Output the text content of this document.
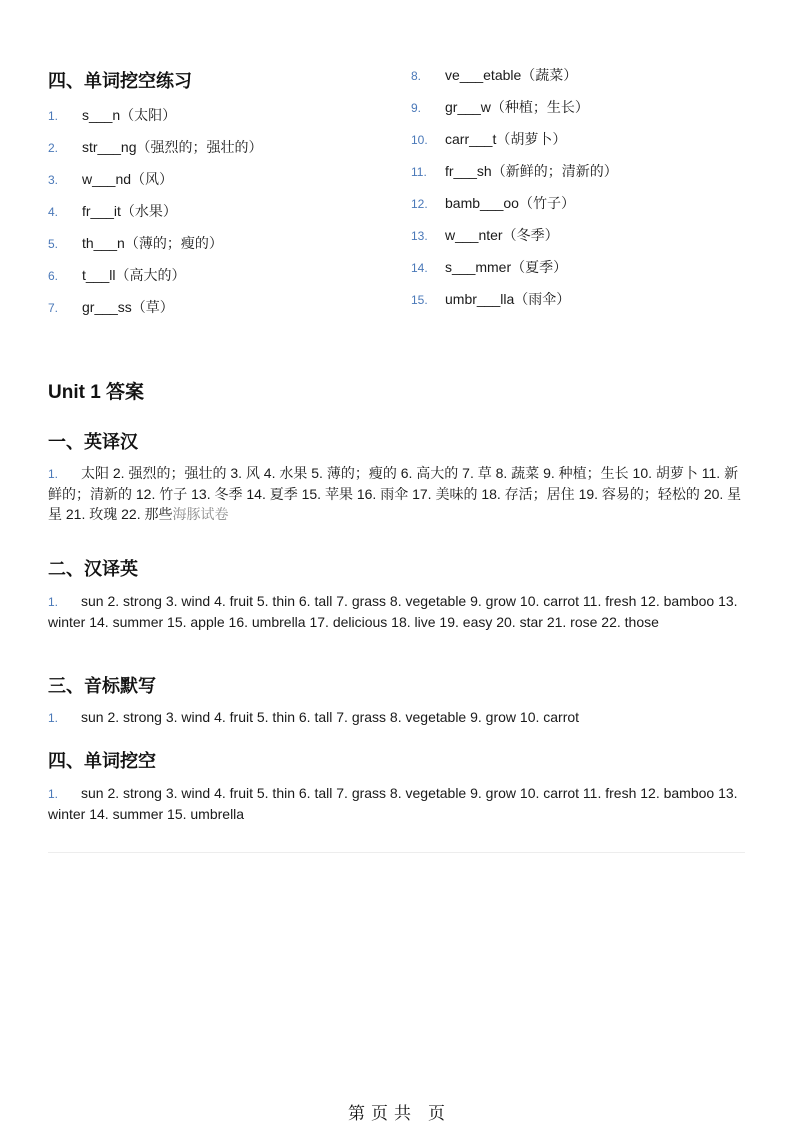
四、单词挖空练习
1. s___n（太阳）
2. str___ng（强烈的；强壮的）
3. w___nd（风）
4. fr___it（水果）
5. th___n（薄的；瘦的）
6. t___ll（高大的）
7. gr___ss（草）
8. ve___etable（蔬菜）
9. gr___w（种植；生长）
10. carr___t（胡萝卜）
11. fr___sh（新鲜的；清新的）
12. bamb___oo（竹子）
13. w___nter（冬季）
14. s___mmer（夏季）
15. umbr___lla（雨伞）
Unit 1 答案
一、英译汉
1. 太阳 2. 强烈的；强壮的 3. 风 4. 水果 5. 薄的；瘦的 6. 高大的 7. 草 8. 蔬菜 9. 种植；生长 10. 胡萝卜 11. 新鲜的；清新的 12. 竹子 13. 冬季 14. 夏季 15. 苹果 16. 雨伞 17. 美味的 18. 存活；居住 19. 容易的；轻松的 20. 星星 21. 玫瑰 22. 那些海豚试卷
二、汉译英
1. sun 2. strong 3. wind 4. fruit 5. thin 6. tall 7. grass 8. vegetable 9. grow 10. carrot 11. fresh 12. bamboo 13. winter 14. summer 15. apple 16. umbrella 17. delicious 18. live 19. easy 20. star 21. rose 22. those
三、音标默写
1. sun 2. strong 3. wind 4. fruit 5. thin 6. tall 7. grass 8. vegetable 9. grow 10. carrot
四、单词挖空
1. sun 2. strong 3. wind 4. fruit 5. thin 6. tall 7. grass 8. vegetable 9. grow 10. carrot 11. fresh 12. bamboo 13. winter 14. summer 15. umbrella
第 页 共 页
